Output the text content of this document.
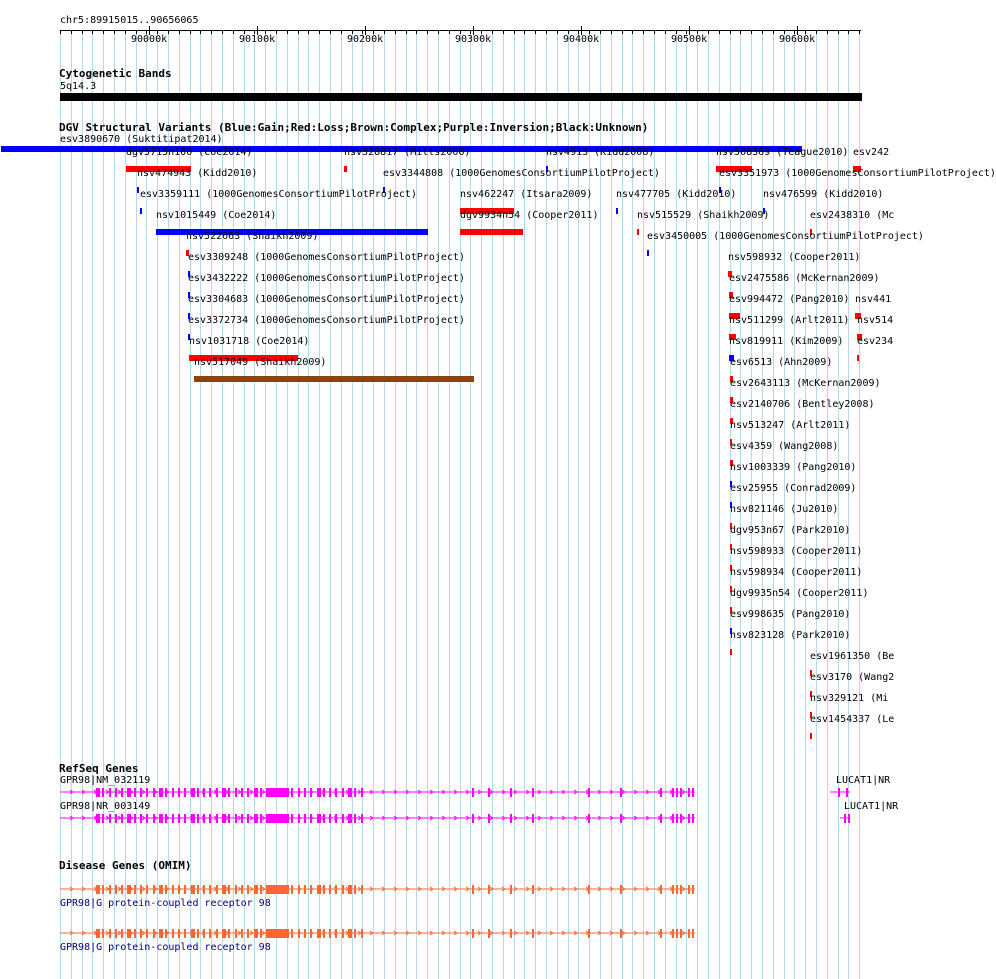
chr5:89915015..90656065
90000k	90100k	90200k	90300k	90400k	90500k	90600k
Cytogenetic Bands
5q14.3
DGV Structural Variants (Blue:Gain;Red:Loss;Brown:Complex;Purple:Inversion;Black:Unknown)
esv3890670 (Suktitipat2014)
esv242
dgv5715n100 (Coe2014)	nsv328817 (Mills2006)	nsv4913 (Kidd2008)	nsv508369 (Teague2010)
nsv474943 (Kidd2010)	esv3344808 (1000GenomesConsortiumPilotProject)	esv3351973 (1000GenomesConsortiumPilotProject)
esv3359111 (1000GenomesConsortiumPilotProject)	nsv462247 (Itsara2009) nsv477705 (Kidd2010)	nsv476599 (Kidd2010)
nsv1015449 (Coe2014)	dgv9934n54 (Cooper2011)	nsv515529 (Shaikh2009)	esv2438310 (Mc
nsv522663 (Shaikh2009)	esv3450005 (1000GenomesConsortiumPilotProject)
esv3309248 (1000GenomesConsortiumPilotProject)	nsv598932 (Cooper2011)
esv3432222 (1000GenomesConsortiumPilotProject)	esv2475586 (McKernan2009)
esv3304683 (1000GenomesConsortiumPilotProject)	esv994472 (Pang2010) nsv441
esv3372734 (1000GenomesConsortiumPilotProject)	nsv511299 (Arlt2011) nsv514
nsv1031718 (Coe2014)	nsv819911 (Kim2009) esv234
nsv517049 (Shaikh2009)	esv6513 (Ahn2009)
esv2643113 (McKernan2009)
esv2140706 (Bentley2008)
nsv513247 (Arlt2011)
esv4359 (Wang2008)
nsv1003339 (Pang2010)
esv25955 (Conrad2009)
nsv821146 (Ju2010)
dgv953n67 (Park2010)
nsv598933 (Cooper2011)
nsv598934 (Cooper2011)
dgv9935n54 (Cooper2011)
esv998635 (Pang2010)
nsv823128 (Park2010)
esv1961350 (Be
esv3170 (Wang2
nsv329121 (Mi
esv1454337 (Le
RefSeq Genes
GPR98|NM_032119
GPR98|NR_003149
LUCAT1|NR
LUCAT1|NR
Disease Genes (OMIM)
GPR98|G protein-coupled receptor 98
GPR98|G protein-coupled receptor 98
